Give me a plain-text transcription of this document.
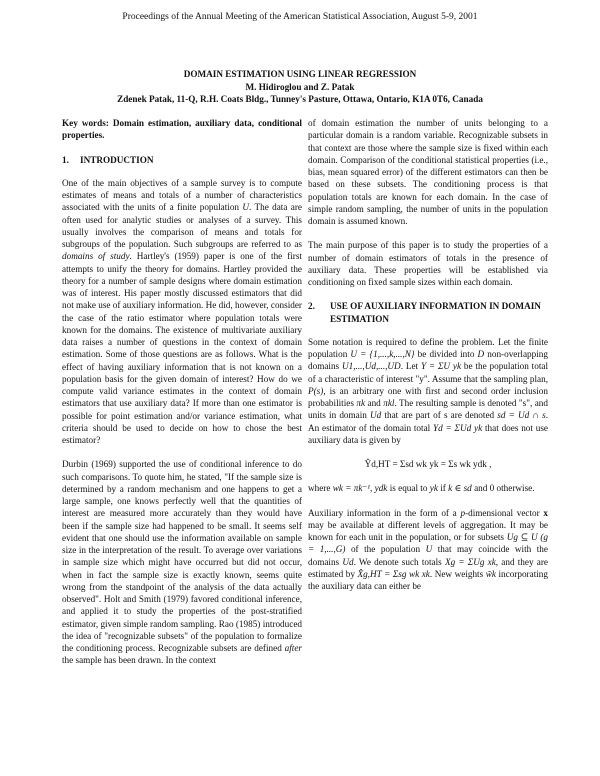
Proceedings of the Annual Meeting of the American Statistical Association, August 5-9, 2001
DOMAIN ESTIMATION USING LINEAR REGRESSION
M. Hidiroglou and Z. Patak
Zdenek Patak, 11-Q, R.H. Coats Bldg., Tunney's Pasture, Ottawa, Ontario, K1A 0T6, Canada

Key words: Domain estimation, auxiliary data, conditional properties.

1. INTRODUCTION

One of the main objectives of a sample survey is to compute estimates of means and totals of a number of characteristics associated with the units of a finite population U. The data are often used for analytic studies or analyses of a survey. This usually involves the comparison of means and totals for subgroups of the population. Such subgroups are referred to as domains of study. Hartley's (1959) paper is one of the first attempts to unify the theory for domains. Hartley provided the theory for a number of sample designs where domain estimation was of interest. His paper mostly discussed estimators that did not make use of auxiliary information. He did, however, consider the case of the ratio estimator where population totals were known for the domains. The existence of multivariate auxiliary data raises a number of questions in the context of domain estimation. Some of those questions are as follows. What is the effect of having auxiliary information that is not known on a population basis for the given domain of interest? How do we compute valid variance estimates in the context of domain estimators that use auxiliary data? If more than one estimator is possible for point estimation and/or variance estimation, what criteria should be used to decide on how to chose the best estimator?

Durbin (1969) supported the use of conditional inference to do such comparisons. To quote him, he stated, "If the sample size is determined by a random mechanism and one happens to get a large sample, one knows perfectly well that the quantities of interest are measured more accurately than they would have been if the sample size had happened to be small. It seems self evident that one should use the information available on sample size in the interpretation of the result. To average over variations in sample size which might have occurred but did not occur, when in fact the sample size is exactly known, seems quite wrong from the standpoint of the analysis of the data actually observed". Holt and Smith (1979) favored conditional inference, and applied it to study the properties of the post-stratified estimator, given simple random sampling. Rao (1985) introduced the idea of "recognizable subsets" of the population to formalize the conditioning process. Recognizable subsets are defined after the sample has been drawn. In the context

of domain estimation the number of units belonging to a particular domain is a random variable. Recognizable subsets in that context are those where the sample size is fixed within each domain. Comparison of the conditional statistical properties (i.e., bias, mean squared error) of the different estimators can then be based on these subsets. The conditioning process is that population totals are known for each domain. In the case of simple random sampling, the number of units in the population domain is assumed known.

The main purpose of this paper is to study the properties of a number of domain estimators of totals in the presence of auxiliary data. These properties will be established via conditioning on fixed sample sizes within each domain.

2.	USE OF AUXILIARY INFORMATION IN DOMAIN ESTIMATION

Some notation is required to define the problem. Let the finite population U = {1,...,k,...,N} be divided into D non-overlapping domains U1,...,Ud,...,UD. Let Y = ΣU yk be the population total of a characteristic of interest "y". Assume that the sampling plan, P(s), is an arbitrary one with first and second order inclusion probabilities πk and πkl. The resulting sample is denoted "s", and units in domain Ud that are part of s are denoted sd = Ud ∩ s. An estimator of the domain total Yd = ΣUd yk that does not use auxiliary data is given by

Ŷd,HT = Σsd wk yk = Σs wk ydk ,

where wk = πk⁻¹, ydk is equal to yk if k ∈ sd and 0 otherwise.

Auxiliary information in the form of a p-dimensional vector x may be available at different levels of aggregation. It may be known for each unit in the population, or for subsets Ug ⊆ U (g = 1,...,G) of the population U that may coincide with the domains Ud. We denote such totals Xg = ΣUg xk, and they are estimated by X̂g,HT = Σsg wk xk. New weights w̃k incorporating the auxiliary data can either be
